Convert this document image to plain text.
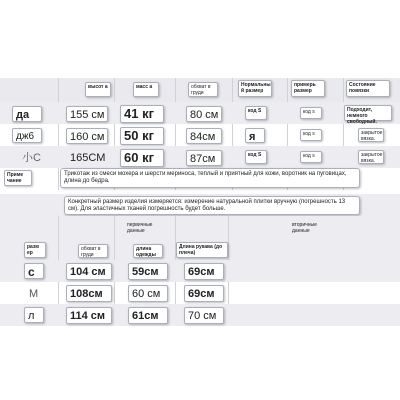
высот а	масс а	обхват в груди
Нормальны й размер
примерь размер
Состояние повязки
да	155 см	41 кг	80 см	код S	код s	Подходит, немного свободный.
дж6	160 см	50 кг	84см	я	код s	закрытое вязка.
小C	165CM	60 кг	87см	код S	код s	закрытое вязка.
Приме чание
Трикотаж из смеси мохера и шерсти мериноса, теплый и приятный для кожи, воротник на пуговицах, длина до бедра.
Конкретный размер изделия измеряется: измерение натуральной плитки вручную (погрешность 13 см). Для эластичных тканей погрешность будет больше.
первичные данные
вторичные данные
разм ер
обхват в груди
длина одежды
Длина рукава (до плеча)
с	104 см	59см	69см
М	108см	60 см	69см
л	114 см	61см	70 см
